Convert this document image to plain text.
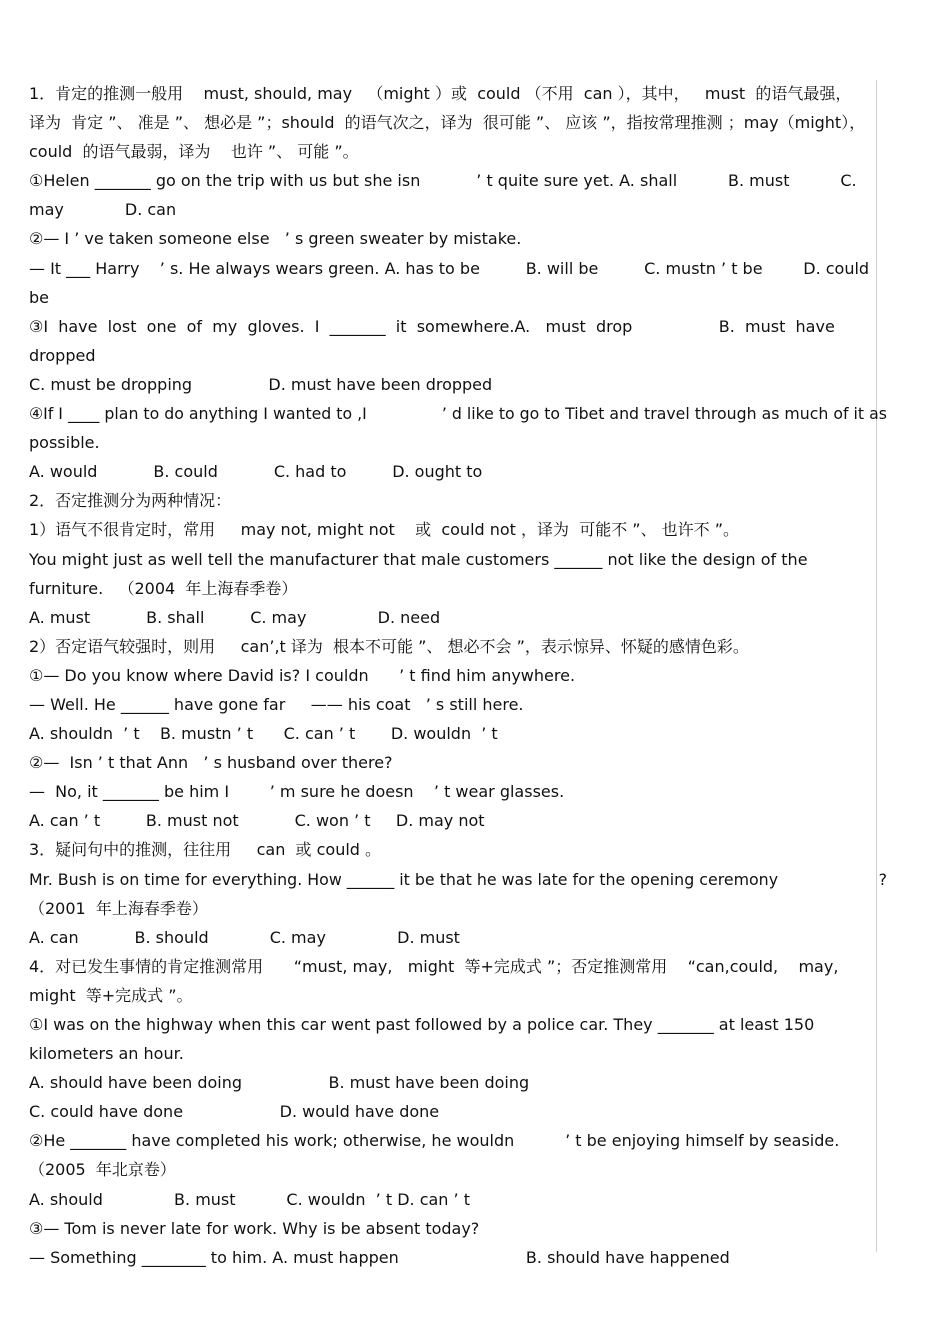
1．肯定的推测一般用    must, should, may   （might ）或  could （不用  can ），其中，   must  的语气最强，
译为  肯定 ”、 准是 ”、 想必是 ”；should  的语气次之，译为  很可能 ”、 应该 ”，指按常理推测 ；may（might），
could  的语气最弱，译为    也许 ”、 可能 ”。
①Helen _______ go on the trip with us but she isn           ’ t quite sure yet. A. shall          B. must          C.
may            D. can
②— I ’ ve taken someone else   ’ s green sweater by mistake.
— It ___ Harry    ’ s. He always wears green. A. has to be         B. will be         C. mustn ’ t be        D. could
be
③I  have  lost  one  of  my  gloves.  I  _______  it  somewhere.A.   must  drop                 B.  must  have
dropped
C. must be dropping               D. must have been dropped
④If I ____ plan to do anything I wanted to ,I               ’ d like to go to Tibet and travel through as much of it as
possible.
A. would           B. could           C. had to         D. ought to
2．否定推测分为两种情况：
1）语气不很肯定时，常用     may not, might not    或  could not ，译为  可能不 ”、 也许不 ”。
You might just as well tell the manufacturer that male customers ______ not like the design of the
furniture.   （2004  年上海春季卷）
A. must           B. shall         C. may              D. need
2）否定语气较强时，则用     can’,t 译为  根本不可能 ”、 想必不会 ”，表示惊异、怀疑的感情色彩。
①— Do you know where David is? I couldn      ’ t find him anywhere.
— Well. He ______ have gone far     —— his coat   ’ s still here.
A. shouldn  ’ t    B. mustn ’ t      C. can ’ t       D. wouldn  ’ t
②—  Isn ’ t that Ann   ’ s husband over there?
—  No, it _______ be him I        ’ m sure he doesn    ’ t wear glasses.
A. can ’ t         B. must not           C. won ’ t     D. may not
3．疑问句中的推测，往往用     can  或 could 。
Mr. Bush is on time for everything. How ______ it be that he was late for the opening ceremony                    ?
（2001  年上海春季卷）
A. can           B. should            C. may              D. must
4．对已发生事情的肯定推测常用      “must, may,   might  等+完成式 ”；否定推测常用    “can,could,    may,
might  等+完成式 ”。
①I was on the highway when this car went past followed by a police car. They _______ at least 150
kilometers an hour.
A. should have been doing                 B. must have been doing
C. could have done                   D. would have done
②He _______ have completed his work; otherwise, he wouldn          ’ t be enjoying himself by seaside.
（2005  年北京卷）
A. should              B. must          C. wouldn  ’ t D. can ’ t
③— Tom is never late for work. Why is be absent today?
— Something ________ to him. A. must happen                         B. should have happened
